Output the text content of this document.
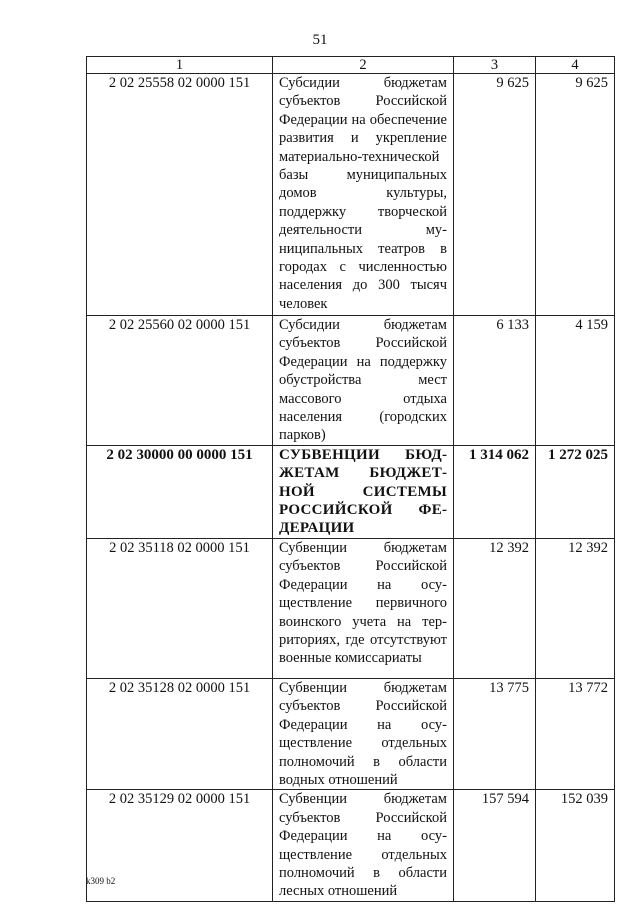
51
1	2	3	4
2 02 25558 02 0000 151	Субсидии бюджетам субъектов Российской Федерации на обеспечение развития и укрепление материально-технической базы муниципальных домов культуры, поддержку творческой деятельности муниципальных театров в городах с численностью населения до 300 тысяч человек	9 625	9 625
2 02 25560 02 0000 151	Субсидии бюджетам субъектов Российской Федерации на поддержку обустройства мест массового отдыха населения (городских парков)	6 133	4 159
2 02 30000 00 0000 151	СУБВЕНЦИИ БЮДЖЕТАМ БЮДЖЕТНОЙ СИСТЕМЫ РОССИЙСКОЙ ФЕДЕРАЦИИ	1 314 062	1 272 025
2 02 35118 02 0000 151	Субвенции бюджетам субъектов Российской Федерации на осуществление первичного воинского учета на территориях, где отсутствуют военные комиссариаты	12 392	12 392
2 02 35128 02 0000 151	Субвенции бюджетам субъектов Российской Федерации на осуществление отдельных полномочий в области водных отношений	13 775	13 772
2 02 35129 02 0000 151	Субвенции бюджетам субъектов Российской Федерации на осуществление отдельных полномочий в области лесных отношений	157 594	152 039
k309 b2
